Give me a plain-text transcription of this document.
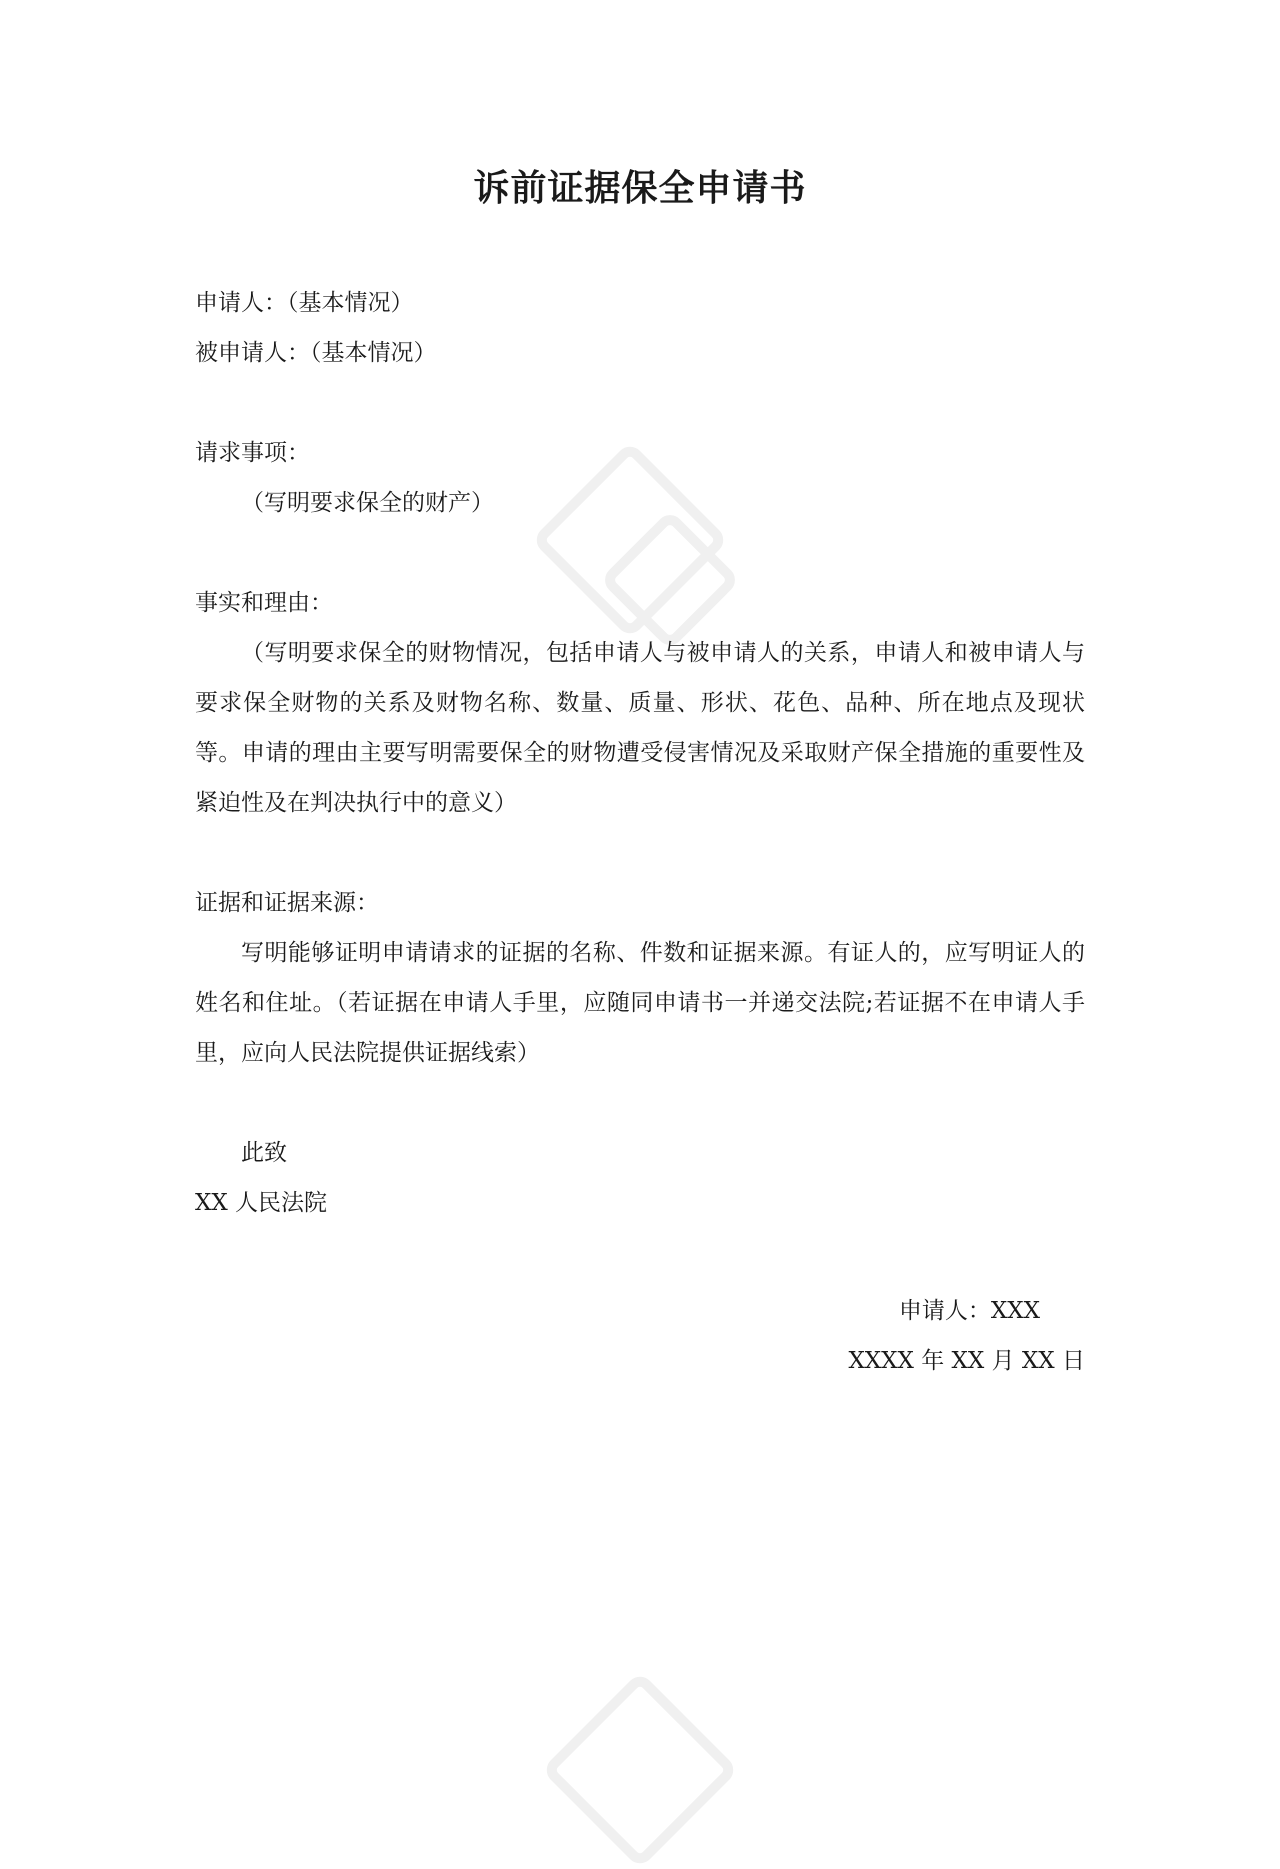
诉前证据保全申请书

申请人：（基本情况）

被申请人：（基本情况）

请求事项：

（写明要求保全的财产）

事实和理由：

（写明要求保全的财物情况，包括申请人与被申请人的关系，申请人和被申请人与要求保全财物的关系及财物名称、数量、质量、形状、花色、品种、所在地点及现状等。申请的理由主要写明需要保全的财物遭受侵害情况及采取财产保全措施的重要性及紧迫性及在判决执行中的意义）

证据和证据来源：

写明能够证明申请请求的证据的名称、件数和证据来源。有证人的，应写明证人的姓名和住址。（若证据在申请人手里，应随同申请书一并递交法院;若证据不在申请人手里，应向人民法院提供证据线索）

此致

XX 人民法院

申请人：XXX
XXXX 年 XX 月 XX 日
